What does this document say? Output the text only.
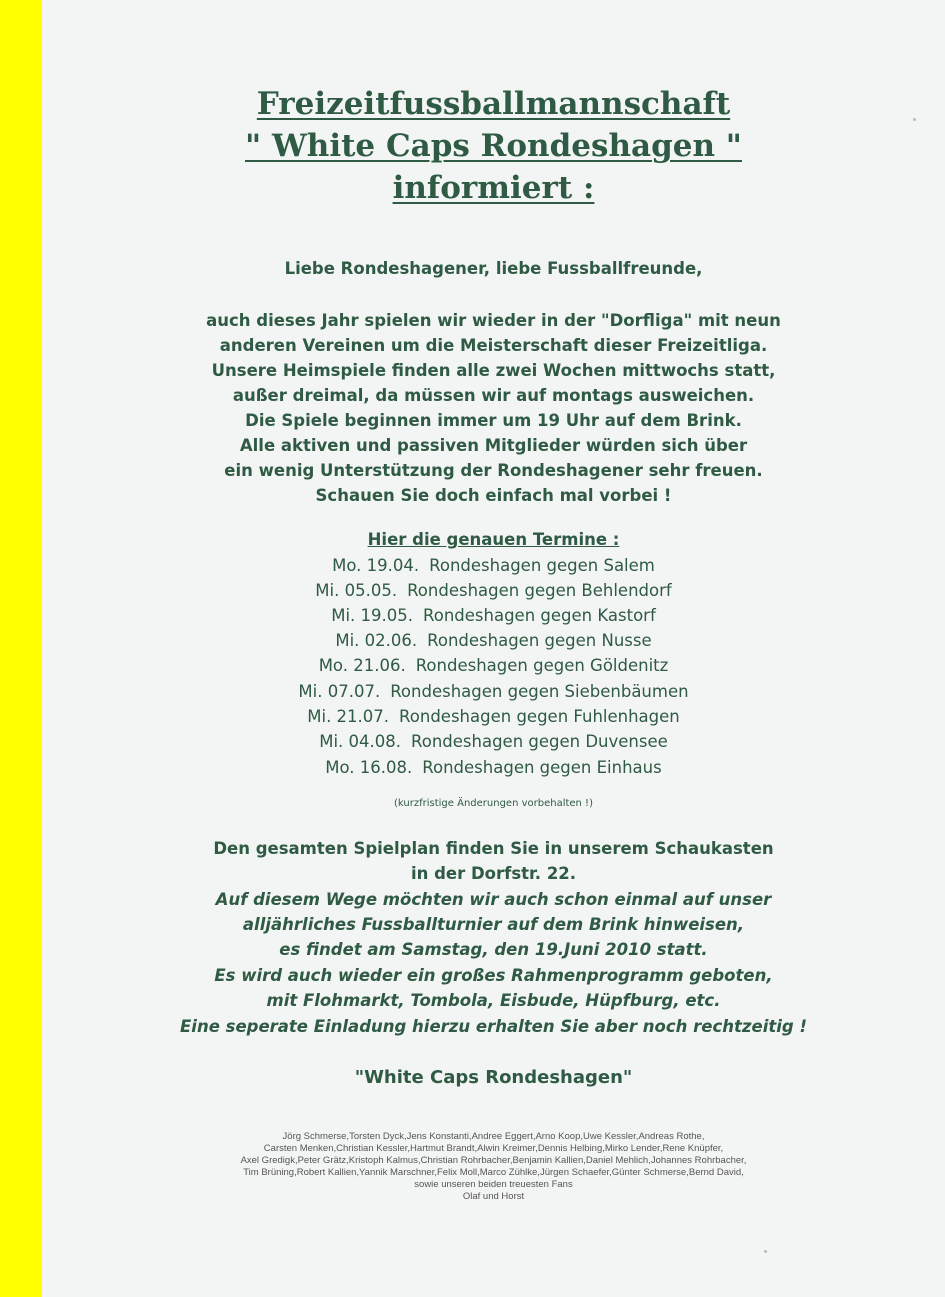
Freizeitfussballmannschaft
" White Caps Rondeshagen "
informiert :

Liebe Rondeshagener, liebe Fussballfreunde,

auch dieses Jahr spielen wir wieder in der "Dorfliga" mit neun

anderen Vereinen um die Meisterschaft dieser Freizeitliga.

Unsere Heimspiele finden alle zwei Wochen mittwochs statt,

außer dreimal, da müssen wir auf montags ausweichen.

Die Spiele beginnen immer um 19 Uhr auf dem Brink.

Alle aktiven und passiven Mitglieder würden sich über

ein wenig Unterstützung der Rondeshagener sehr freuen.

Schauen Sie doch einfach mal vorbei !

Hier die genauen Termine :

Mo. 19.04. Rondeshagen gegen Salem

Mi. 05.05. Rondeshagen gegen Behlendorf

Mi. 19.05. Rondeshagen gegen Kastorf

Mi. 02.06. Rondeshagen gegen Nusse

Mo. 21.06. Rondeshagen gegen Göldenitz

Mi. 07.07. Rondeshagen gegen Siebenbäumen

Mi. 21.07. Rondeshagen gegen Fuhlenhagen

Mi. 04.08. Rondeshagen gegen Duvensee

Mo. 16.08. Rondeshagen gegen Einhaus

(kurzfristige Änderungen vorbehalten !)

Den gesamten Spielplan finden Sie in unserem Schaukasten

in der Dorfstr. 22.

Auf diesem Wege möchten wir auch schon einmal auf unser

alljährliches Fussballturnier auf dem Brink hinweisen,

es findet am Samstag, den 19.Juni 2010 statt.

Es wird auch wieder ein großes Rahmenprogramm geboten,

mit Flohmarkt, Tombola, Eisbude, Hüpfburg, etc.

Eine seperate Einladung hierzu erhalten Sie aber noch rechtzeitig !

"White Caps Rondeshagen"

Jörg Schmerse,Torsten Dyck,Jens Konstanti,Andree Eggert,Arno Koop,Uwe Kessler,Andreas Rothe,

Carsten Menken,Christian Kessler,Hartmut Brandt,Alwin Kreimer,Dennis Helbing,Mirko Lender,Rene Knüpfer,

Axel Gredigk,Peter Grätz,Kristoph Kalmus,Christian Rohrbacher,Benjamin Kallien,Daniel Mehlich,Johannes Rohrbacher,

Tim Brüning,Robert Kallien,Yannik Marschner,Felix Moll,Marco Zühlke,Jürgen Schaefer,Günter Schmerse,Bernd David,

sowie unseren beiden treuesten Fans

Olaf und Horst
